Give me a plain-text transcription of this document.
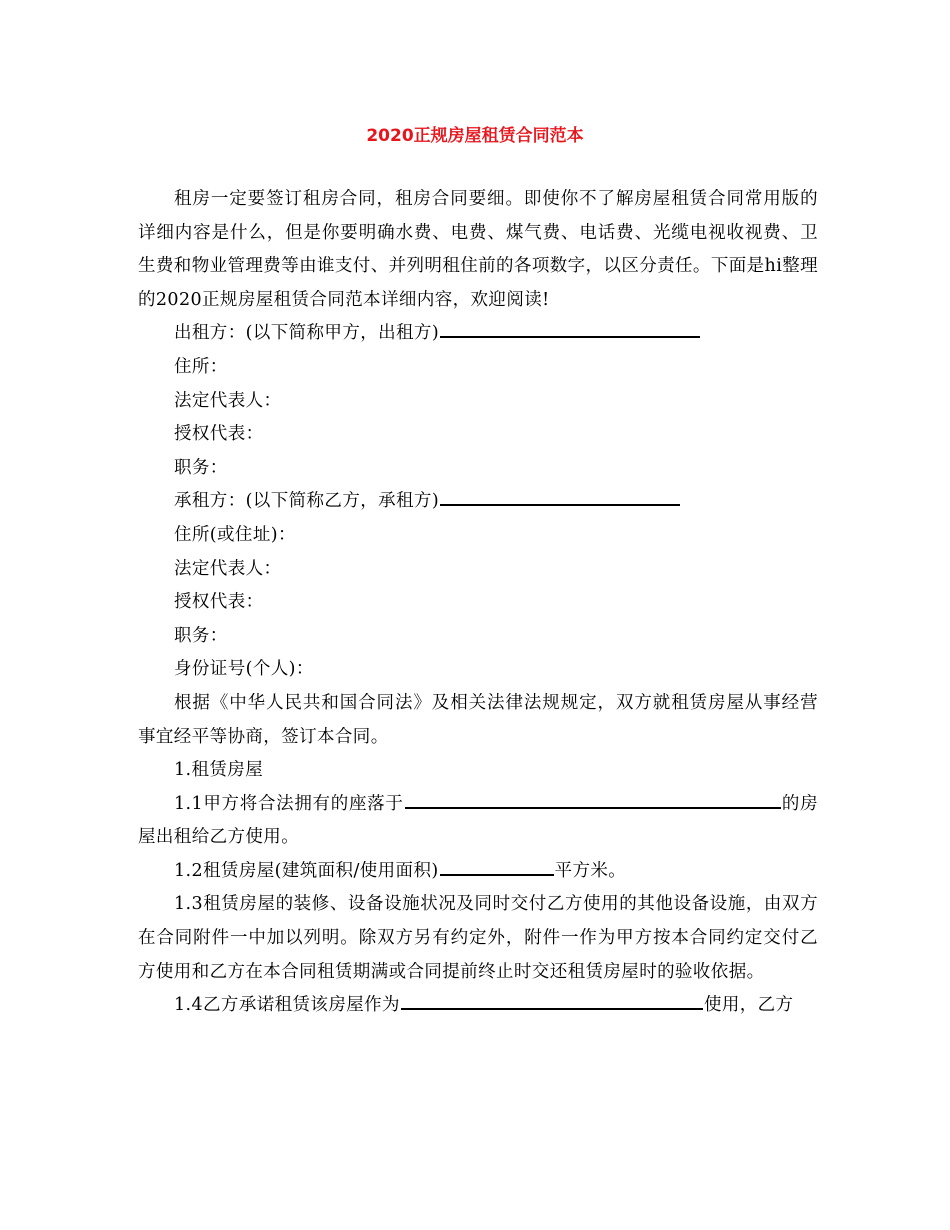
2020正规房屋租赁合同范本

租房一定要签订租房合同，租房合同要细。即使你不了解房屋租赁合同常用版的详细内容是什么，但是你要明确水费、电费、煤气费、电话费、光缆电视收视费、卫生费和物业管理费等由谁支付、并列明租住前的各项数字，以区分责任。下面是hi整理的2020正规房屋租赁合同范本详细内容，欢迎阅读!

出租方：(以下简称甲方，出租方)

住所：

法定代表人：

授权代表：

职务：

承租方：(以下简称乙方，承租方)

住所(或住址)：

法定代表人：

授权代表：

职务：

身份证号(个人)：

根据《中华人民共和国合同法》及相关法律法规规定，双方就租赁房屋从事经营事宜经平等协商，签订本合同。

1.租赁房屋

1.1甲方将合法拥有的座落于	的房屋出租给乙方使用。

1.2租赁房屋(建筑面积/使用面积)	平方米。

1.3租赁房屋的装修、设备设施状况及同时交付乙方使用的其他设备设施，由双方在合同附件一中加以列明。除双方另有约定外，附件一作为甲方按本合同约定交付乙方使用和乙方在本合同租赁期满或合同提前终止时交还租赁房屋时的验收依据。

1.4乙方承诺租赁该房屋作为	使用，乙方
